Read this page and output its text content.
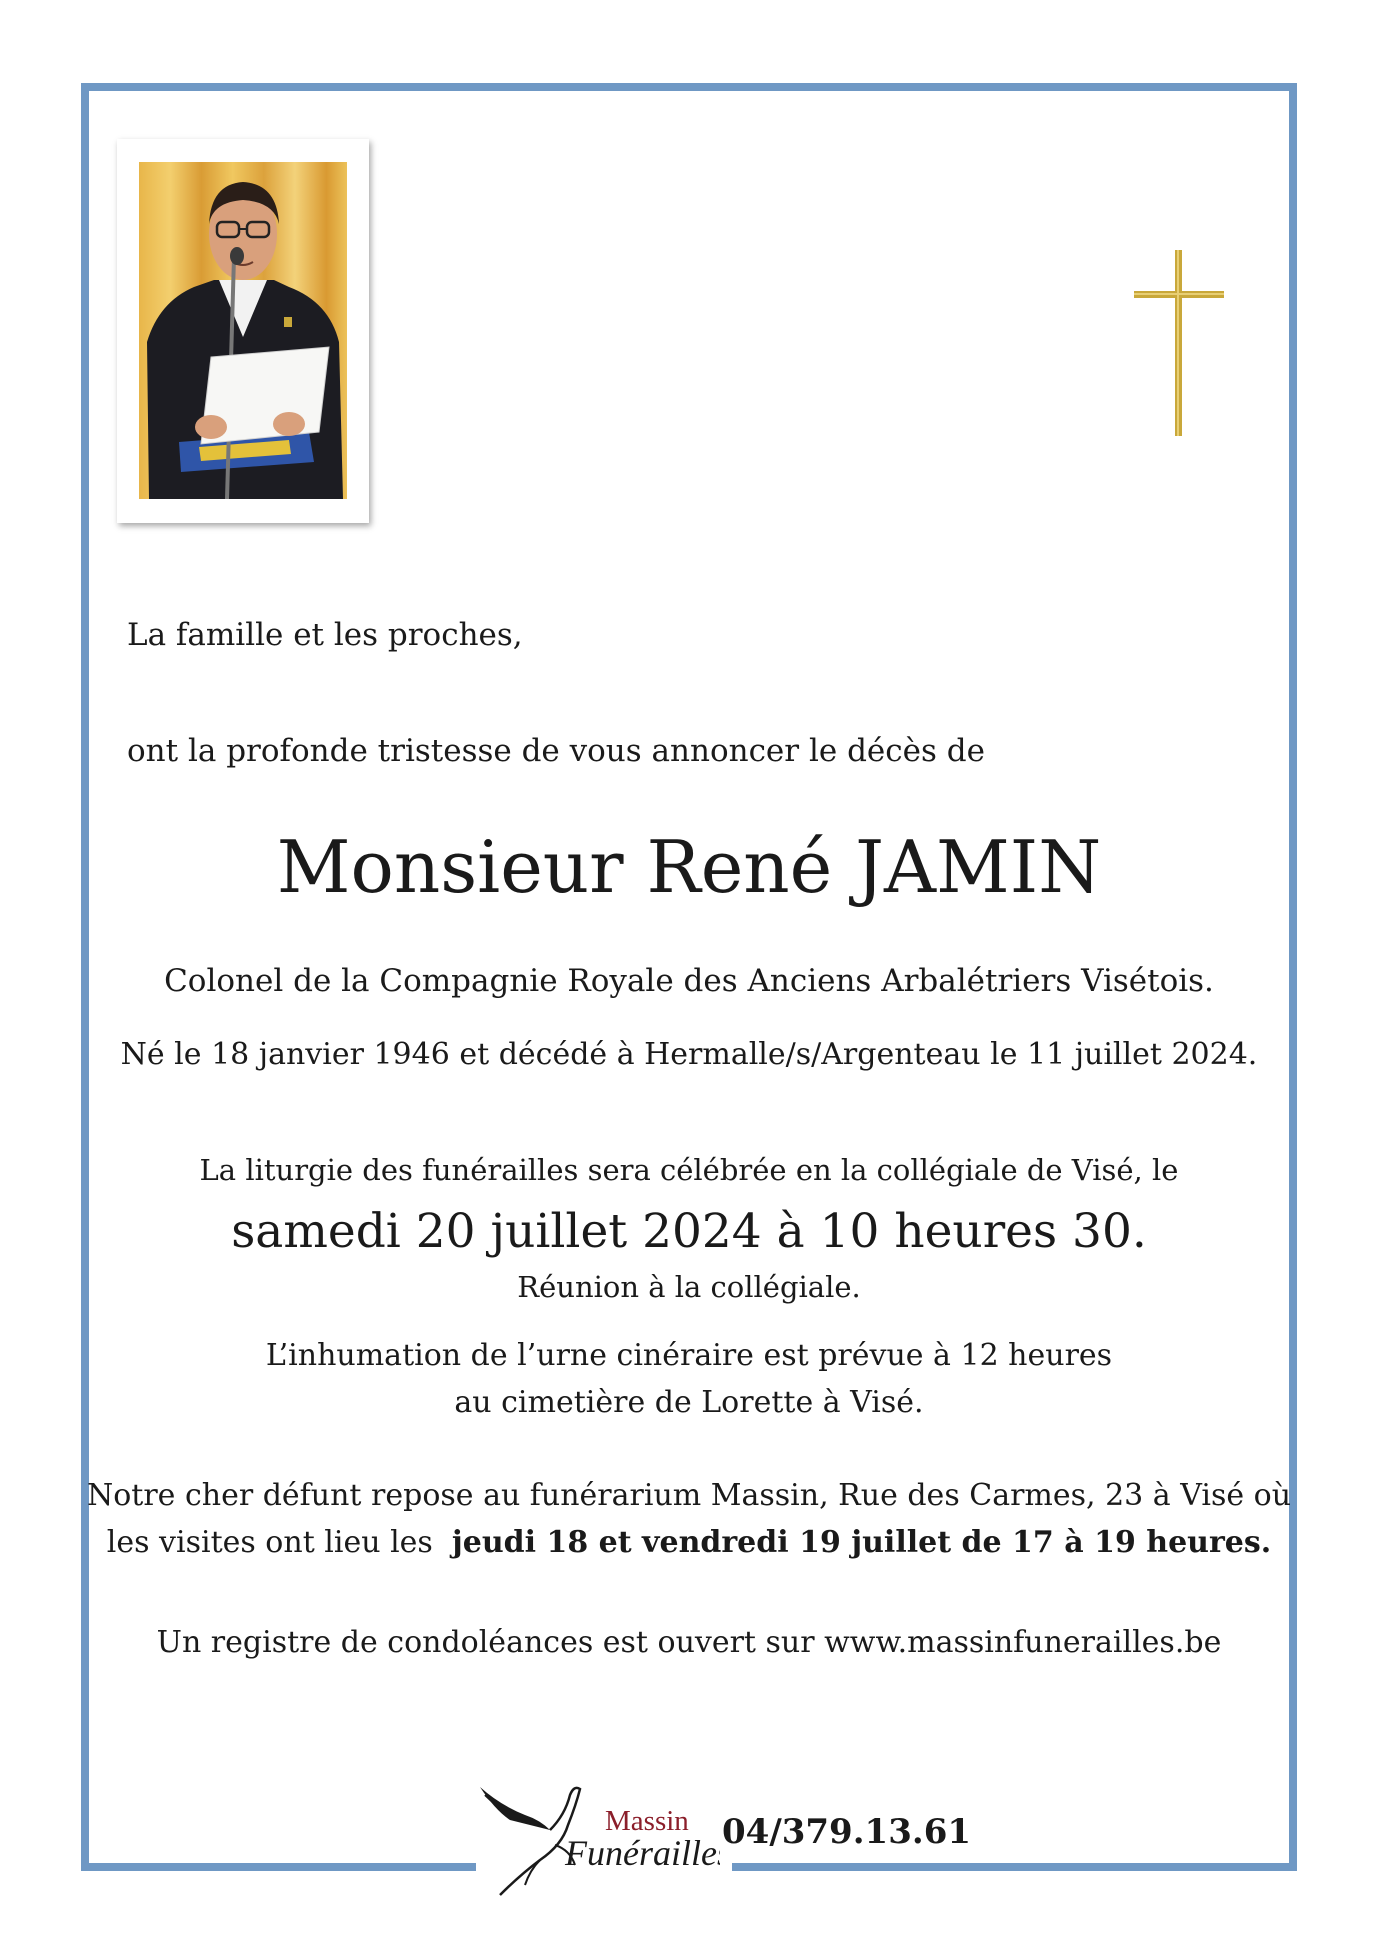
La famille et les proches,

ont la profonde tristesse de vous annoncer le décès de

Monsieur René JAMIN

Colonel de la Compagnie Royale des Anciens Arbalétriers Visétois.

Né le 18 janvier 1946 et décédé à Hermalle/s/Argenteau le 11 juillet 2024.

La liturgie des funérailles sera célébrée en la collégiale de Visé, le

samedi 20 juillet 2024 à 10 heures 30.

Réunion à la collégiale.

L’inhumation de l’urne cinéraire est prévue à 12 heures

au cimetière de Lorette à Visé.

Notre cher défunt repose au funérarium Massin, Rue des Carmes, 23 à Visé où

les visites ont lieu les jeudi 18 et vendredi 19 juillet de 17 à 19 heures.

Un registre de condoléances est ouvert sur www.massinfunerailles.be

Massin
Funérailles

04/379.13.61
